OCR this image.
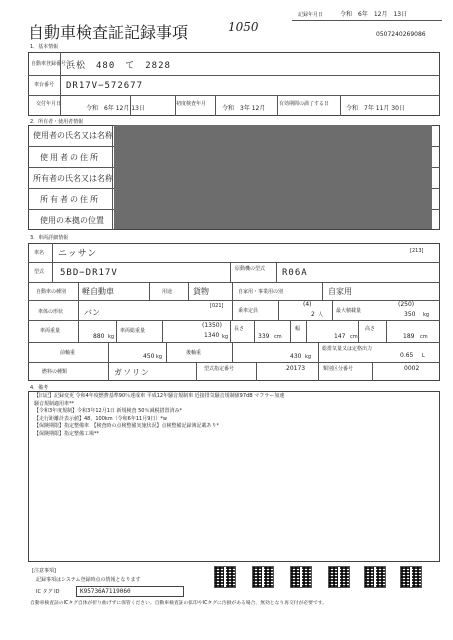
記録年月日	令和　6年　12月　13日
1050
自動車検査証記録事項	0507240269086
1．基本情報
自動車登録番号 浜松　480　て　2828
車台番号 DR17V−572677
交付年月日
令和　6年 12月 13日
初度検査年月
令和　3年 12月
有効期間の満了する日
令和　7年 11月 30日
2．所有者・使用者情報
使用者の氏名又は名称
使用者の住所
所有者の氏名又は名称
所有者の住所
使用の本拠の位置
3．車両詳細情報
車名 ニッサン	[213]
型式 5BD−DR17V	原動機の型式 R06A
自動車の種別 軽自動車	用途	貨物	自家用・事業用の別	自家用
車体の形状	バン
[021]
乗車定員
(4)
2 人
最大積載量
(250)
350 kg
車両重量
880 kg
車両総重量
(1350)
1340 kg
長さ
339 cm
幅
147 cm
高さ
189 cm
前軸重	450 kg
後軸重	430 kg
総排気量又は定格出力
0.65 L
燃料の種類	ガソリン	型式指定番号	20173	類別区分番号	0002
4．備考
【旧記】記録変更 令和4年度燃費基準90％達成車 平成12年騒音規制車 近接排気騒音規制値97dB マフラー加速
騒音規制適用車**
【令和3年度規制】令和3年12月1日 新規検査 50％減税措置済み*
【走行距離計表示値】48，100km（令和6年11月9日）*w
【保険期限】指定整備車　【検査時の点検整備実施状況】点検整備記録簿記載あり*
【保険期限】指定整備工場**
[注意事項]
記録事項はシステム登録時点の情報となります
IC タグ ID	K95736A7119060
自動車検査証のICタグ自体が折り曲げずに保管ください。自動車検査証の拡印やICタグに汚損がある場合、無効となり再交付が必要です。
